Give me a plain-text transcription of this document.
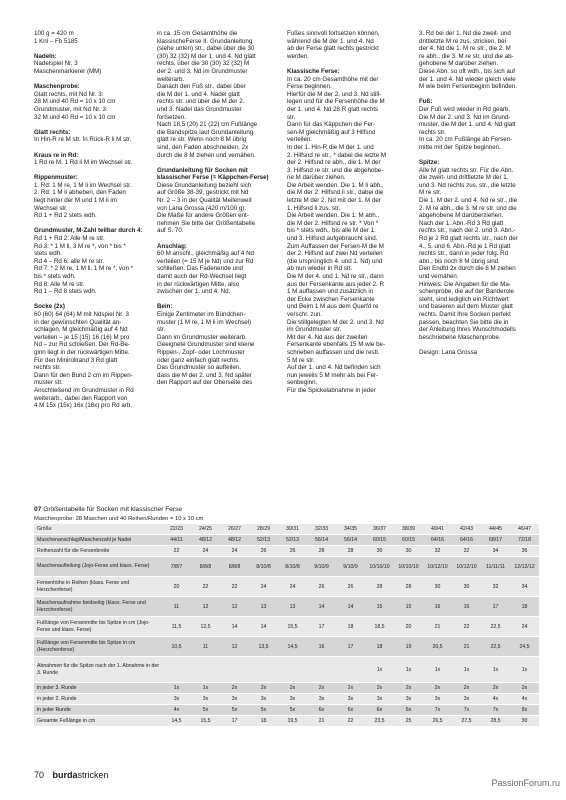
100 g = 420 m
1 Knl – Fb 5185

Nadeln:

Nadelspiel Nr. 3
Maschenmarkierer (MM)

Maschenprobe:

Glatt rechts, mit Nd Nr. 3:
28 M und 40 Rd = 10 x 10 cm
Grundmuster, mit Nd Nr. 3:
32 M und 40 Rd = 10 x 10 cm

Glatt rechts:

In Hin-R re M str. In Rück-R li M str.

Kraus re in Rd:

1 Rd re M, 1 Rd li M im Wechsel str.

Rippenmuster:

1. Rd: 1 M re, 1 M li im Wechsel str.
2. Rd: 1 M li abheben, den Faden
liegt hinter der M und 1 M li im
Wechsel str.
Rd 1 + Rd 2 stets wdh.

Grundmuster, M-Zahl teilbar durch 4:

Rd 1 + Rd 2: Alle M re str.
Rd 3: * 1 M li, 3 M re *, von * bis *
stets wdh.
Rd 4 – Rd 6: alle M re str.
Rd 7: * 2 M re, 1 M li, 1 M re *, von *
bis * stets wdh.
Rd 8: Alle M re str.
Rd 1 – Rd 8 stets wdh.

Socke (2x)

60 (60) 64 (64) M mit Ndspiel Nr. 3
in der gewünschten Qualität an-
schlagen, M gleichmäßig auf 4 Nd
verteilen – je 15 (15) 16 (16) M pro
Nd – zur Rd schließen. Der Rd-Be-
ginn liegt in der rückwärtigen Mitte.
Für den Minirollrand 3 Rd glatt
rechts str.
Dann für den Bund 2 cm im Rippen-
muster str.
Anschließend im Grundmuster in Rd
weiterarb., dabei den Rapport von
4 M 15x (15x) 16x (16x) pro Rd arb.

in ca. 15 cm Gesamthöhe die
klassischeFerse II. Grundanleitung
(siehe unten) str., dabei über die 30
(30) 32 (32) M der 1. und 4. Nd glatt
rechts, über die 30 (30) 32 (32) M
der 2. und 3. Nd im Grundmuster
weiterarb.
Danach den Fuß str., dabei über
die M der 1. und 4. Nadel glatt
rechts str. und über die M der 2.
und 3. Nadel das Grundmuster
fortsetzen.
Nach 18,5 (20) 21 (22) cm Fußlänge
die Bandspitze laut Grundanleitung
glatt re str. Wenn noch 8 M übrig
sind, den Faden abschneiden, 2x
durch die 8 M ziehen und vernähen.

Grundanleitung für Socken mit klassischer Ferse (= Käppchen-Ferse)

Diese Grundanleitung bezieht sich
auf Größe 38-39, gestrickt mit Nd
Nr. 2 – 3 in der Qualität Meilenweit
von Lana Grossa (420 m/100 g).
Die Maße für andere Größen ent-
nehmen Sie bitte der Größentabelle
auf S. 70.

Anschlag:

60 M anschl., gleichmäßig auf 4 Nd
verteilen (= 15 M je Nd) und zur Rd
schließen. Das Fadenende und
damit auch der Rd-Wechsel liegt
in der rückwärtigen Mitte, also
zwischen der 1. und 4. Nd.

Bein:

Einige Zentimeter im Bündchen-
muster (1 M re, 1 M li im Wechsel)
str.
Dann im Grundmuster weiterarb.
Geeignete Grundmuster sind kleine
Rippen-, Zopf- oder Lochmuster
oder ganz einfach glatt rechts.
Das Grundmuster so aufteilen,
dass die M der 2. und 3. Nd später
den Rapport auf der Oberseite des

Fußes sinnvoll fortsetzen können,
während die M der 1. und 4. Nd
ab der Ferse glatt rechts gestrickt
werden.

Klassische Ferse:

In ca. 20 cm Gesamthöhe mit der
Ferse beginnen.
Hierfür die M der 2. und 3. Nd still-
legen und für die Fersenhöhe die M
der 1. und 4. Nd 28 R glatt rechts
str.
Dann für das Käppchen die Fer-
sen-M gleichmäßig auf 3 Hilfsnd
verteilen.
In der 1. Hin-R die M der 1. und
2. Hilfsnd re str., * dabei die letzte M
der 2. Hilfsnd re abh., die 1. M der
3. Hilfsnd re str. und die abgehobe-
ne M darüber ziehen.
Die Arbeit wenden. Die 1. M li abh.,
die M der 2. Hilfsnd li str., dabei die
letzte M der 2. Nd mit der 1. M der
1. Hilfsnd li zus. str.
Die Arbeit wenden. Die 1. M abh.,
die M der 2. Hilfsnd re str. * Von *
bis * stets wdh., bis alle M der 1.
und 3. Hilfsnd aufgebraucht sind.
Zum Auffassen der Fersen-M die M
der 2. Hilfsnd auf zwei Nd verteilen
(die ursprünglich 4. und 1. Nd) und
ab nun wieder in Rd str.
Die M der 4. und 1. Nd re str., dann
aus der Fersenkante aus jeder 2. R
1 M auffassen und zusätzlich in
der Ecke zwischen Fersenkante
und Beim 1 M aus dem Querfd re
verschr. zun.
Die stillgelegten M der 2. und 3. Nd
im Grundmuster str.
Mit der 4. Nd aus der zweiten
Fersenkante ebenfalls 15 M wie be-
schrieben auffassen und die restl.
5 M re str.
Auf der 1. und 4. Nd befinden sich
nun jeweils 5 M mehr als bei Fer-
senbeginn.
Für die Spickelabnahme in jeder

3. Rd bei der 1. Nd die zweit- und
drittletzte M re zus. stricken, bei
der 4. Nd die 1. M re str., die 2. M
re abh., die 3. M re str. und die ab-
gehobene M darüber ziehen.
Diese Abn. so oft wdh., bis sich auf
der 1. und 4. Nd wieder gleich viele
M wie beim Fersenbeginn befinden.

Fuß:

Der Fuß wird wieder in Rd gearb.
Die M der 2. und 3. Nd im Grund-
muster, die M der 1. und 4. Nd glatt
rechts str.
In ca. 20 cm Fußlänge ab Fersen-
mitte mit der Spitze beginnen.

Spitze:

Alle M glatt rechts str. Für die Abn.
die zweit- und drittletzte M der 1.
und 3. Nd rechts zus. str., die letzte
M re str.
Die 1. M der 2. und 4. Nd re str., die
2. M re abh., die 3. M re str. und die
abgehobene M darüberziehen.
Nach der 1. Abn.-Rd 3 Rd glatt
rechts str., nach der 2. und 3. Abn.-
Rd je 2 Rd glatt rechts str., nach der
4., 5. und 6. Abn.-Rd je 1 Rd glatt
rechts str., dann in jeder folg. Rd
abn., bis noch 8 M übrig sind.
Den Endfd 2x durch die 8 M ziehen
und vernähen.
Hinweis: Die Angaben für die Ma-
schenprobe, die auf der Banderole
steht, sind lediglich ein Richtwert
und basieren auf dem Muster glatt
rechts. Damit Ihre Socken perfekt
passen, beachten Sie bitte die in
der Anleitung Ihres Wunschmodells
beschriebene Maschenprobe.

Design: Lana Grossa

07 Größentabelle für Socken mit klassischer Ferse
Maschenprobe: 28 Maschen und 40 Reihen/Runden = 10 x 10 cm
Größe	22/23	24/25	26/27	28/29	30/31	32/33	34/35	36/37	38/39	40/41	42/43	44/45	46/47
Maschenanschlag/Maschenzahl je Nadel	44/11	48/12	48/12	52/13	52/13	56/14	56/14	60/15	60/15	64/16	64/16	68/17	72/18
Reihenzahl für die Fersenbreite	22	24	24	26	26	28	28	30	30	32	32	34	36
Maschenaufteilung (Jojo-Ferse und klass. Ferse)	7/8/7	8/8/8	8/8/8	8/10/8	8/10/8	9/10/9	9/10/9	10/10/10	10/10/10	10/12/10	10/12/10	11/11/11	12/12/12
Fersenhöhe in Reihen (klass. Ferse und Herzchenferse)	20	22	22	24	24	26	26	28	28	30	30	32	34
Maschenaufnahme beidseitig (klass. Ferse und Herzchenferse)	11	12	12	13	13	14	14	15	15	16	16	17	18
Fußlänge von Fersenmitte bis Spitze in cm (Jojo-Ferse und klass. Ferse)	11,5	12,5	14	14	15,5	17	18	18,5	20	21	22	22,5	24
Fußlänge von Fersenmitte bis Spitze in cm (Herzchenferse)	10,5	11	12	13,5	14,5	16	17	18	19	20,5	21	22,5	24,5
Abnahmen für die Spitze nach der 1. Abnahme in der 3. Runde								1x	1x	1x	1x	1x	1x
in jeder 3. Runde	1x	1x	2x	2x	2x	2x	2x	2x	2x	2x	2x	2x	2x
in jeder 2. Runde	3x	3x	3x	3x	3x	3x	3x	3x	3x	3x	3x	4x	4x
in jeder Runde	4x	5x	5x	5x	5x	6x	6x	6x	6x	7x	7x	7x	8x
Gesamte Fußlänge in cm	14,5	15,5	17	18	19,5	21	22	23,5	25	26,5	27,5	28,5	30
70 burdastricken
PassionForum.ru
